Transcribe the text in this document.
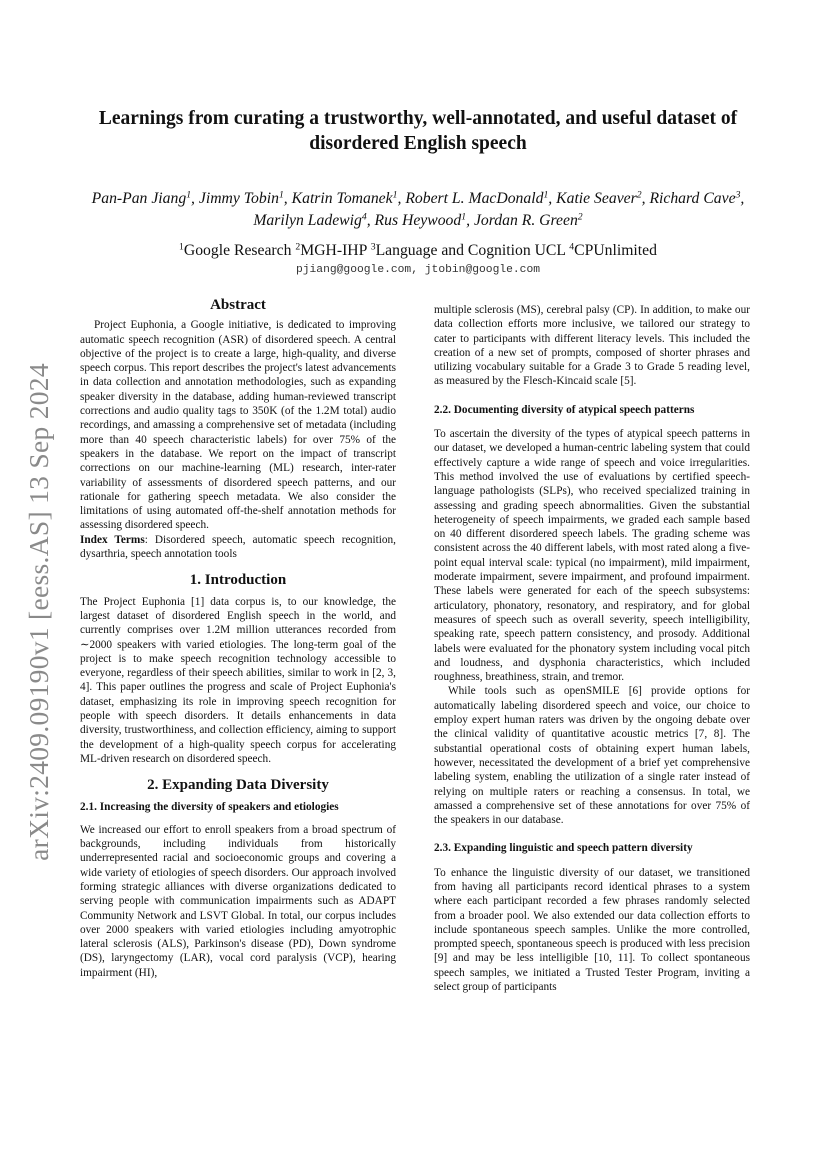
arXiv:2409.09190v1 [eess.AS] 13 Sep 2024
Learnings from curating a trustworthy, well-annotated, and useful dataset of disordered English speech

Pan-Pan Jiang$^1$, Jimmy Tobin$^1$, Katrin Tomanek$^1$, Robert L. MacDonald$^1$, Katie Seaver$^2$, Richard Cave$^3$, Marilyn Ladewig$^4$, Rus Heywood$^1$, Jordan R. Green$^2$

$^1$Google Research $^2$MGH-IHP $^3$Language and Cognition UCL $^4$CPUnlimited

pjiang@google.com, jtobin@google.com

Abstract

Project Euphonia, a Google initiative, is dedicated to improving automatic speech recognition (ASR) of disordered speech. A central objective of the project is to create a large, high-quality, and diverse speech corpus. This report describes the project's latest advancements in data collection and annotation methodologies, such as expanding speaker diversity in the database, adding human-reviewed transcript corrections and audio quality tags to 350K (of the 1.2M total) audio recordings, and amassing a comprehensive set of metadata (including more than 40 speech characteristic labels) for over 75% of the speakers in the database. We report on the impact of transcript corrections on our machine-learning (ML) research, inter-rater variability of assessments of disordered speech patterns, and our rationale for gathering speech metadata. We also consider the limitations of using automated off-the-shelf annotation methods for assessing disordered speech.

Index Terms: Disordered speech, automatic speech recognition, dysarthria, speech annotation tools

1. Introduction

The Project Euphonia [1] data corpus is, to our knowledge, the largest dataset of disordered English speech in the world, and currently comprises over 1.2M million utterances recorded from ∼2000 speakers with varied etiologies. The long-term goal of the project is to make speech recognition technology accessible to everyone, regardless of their speech abilities, similar to work in [2, 3, 4]. This paper outlines the progress and scale of Project Euphonia's dataset, emphasizing its role in improving speech recognition for people with speech disorders. It details enhancements in data diversity, trustworthiness, and collection efficiency, aiming to support the development of a high-quality speech corpus for accelerating ML-driven research on disordered speech.

2. Expanding Data Diversity
2.1. Increasing the diversity of speakers and etiologies

We increased our effort to enroll speakers from a broad spectrum of backgrounds, including individuals from historically underrepresented racial and socioeconomic groups and covering a wide variety of etiologies of speech disorders. Our approach involved forming strategic alliances with diverse organizations dedicated to serving people with communication impairments such as ADAPT Community Network and LSVT Global. In total, our corpus includes over 2000 speakers with varied etiologies including amyotrophic lateral sclerosis (ALS), Parkinson's disease (PD), Down syndrome (DS), laryngectomy (LAR), vocal cord paralysis (VCP), hearing impairment (HI),

multiple sclerosis (MS), cerebral palsy (CP). In addition, to make our data collection efforts more inclusive, we tailored our strategy to cater to participants with different literacy levels. This included the creation of a new set of prompts, composed of shorter phrases and utilizing vocabulary suitable for a Grade 3 to Grade 5 reading level, as measured by the Flesch-Kincaid scale [5].

2.2. Documenting diversity of atypical speech patterns

To ascertain the diversity of the types of atypical speech patterns in our dataset, we developed a human-centric labeling system that could effectively capture a wide range of speech and voice irregularities. This method involved the use of evaluations by certified speech-language pathologists (SLPs), who received specialized training in assessing and grading speech abnormalities. Given the substantial heterogeneity of speech impairments, we graded each sample based on 40 different disordered speech labels. The grading scheme was consistent across the 40 different labels, with most rated along a five-point equal interval scale: typical (no impairment), mild impairment, moderate impairment, severe impairment, and profound impairment. These labels were generated for each of the speech subsystems: articulatory, phonatory, resonatory, and respiratory, and for global measures of speech such as overall severity, speech intelligibility, speaking rate, speech pattern consistency, and prosody. Additional labels were evaluated for the phonatory system including vocal pitch and loudness, and dysphonia characteristics, which included roughness, breathiness, strain, and tremor.

While tools such as openSMILE [6] provide options for automatically labeling disordered speech and voice, our choice to employ expert human raters was driven by the ongoing debate over the clinical validity of quantitative acoustic metrics [7, 8]. The substantial operational costs of obtaining expert human labels, however, necessitated the development of a brief yet comprehensive labeling system, enabling the utilization of a single rater instead of relying on multiple raters or reaching a consensus. In total, we amassed a comprehensive set of these annotations for over 75% of the speakers in our database.

2.3. Expanding linguistic and speech pattern diversity

To enhance the linguistic diversity of our dataset, we transitioned from having all participants record identical phrases to a system where each participant recorded a few phrases randomly selected from a broader pool. We also extended our data collection efforts to include spontaneous speech samples. Unlike the more controlled, prompted speech, spontaneous speech is produced with less precision [9] and may be less intelligible [10, 11]. To collect spontaneous speech samples, we initiated a Trusted Tester Program, inviting a select group of participants
